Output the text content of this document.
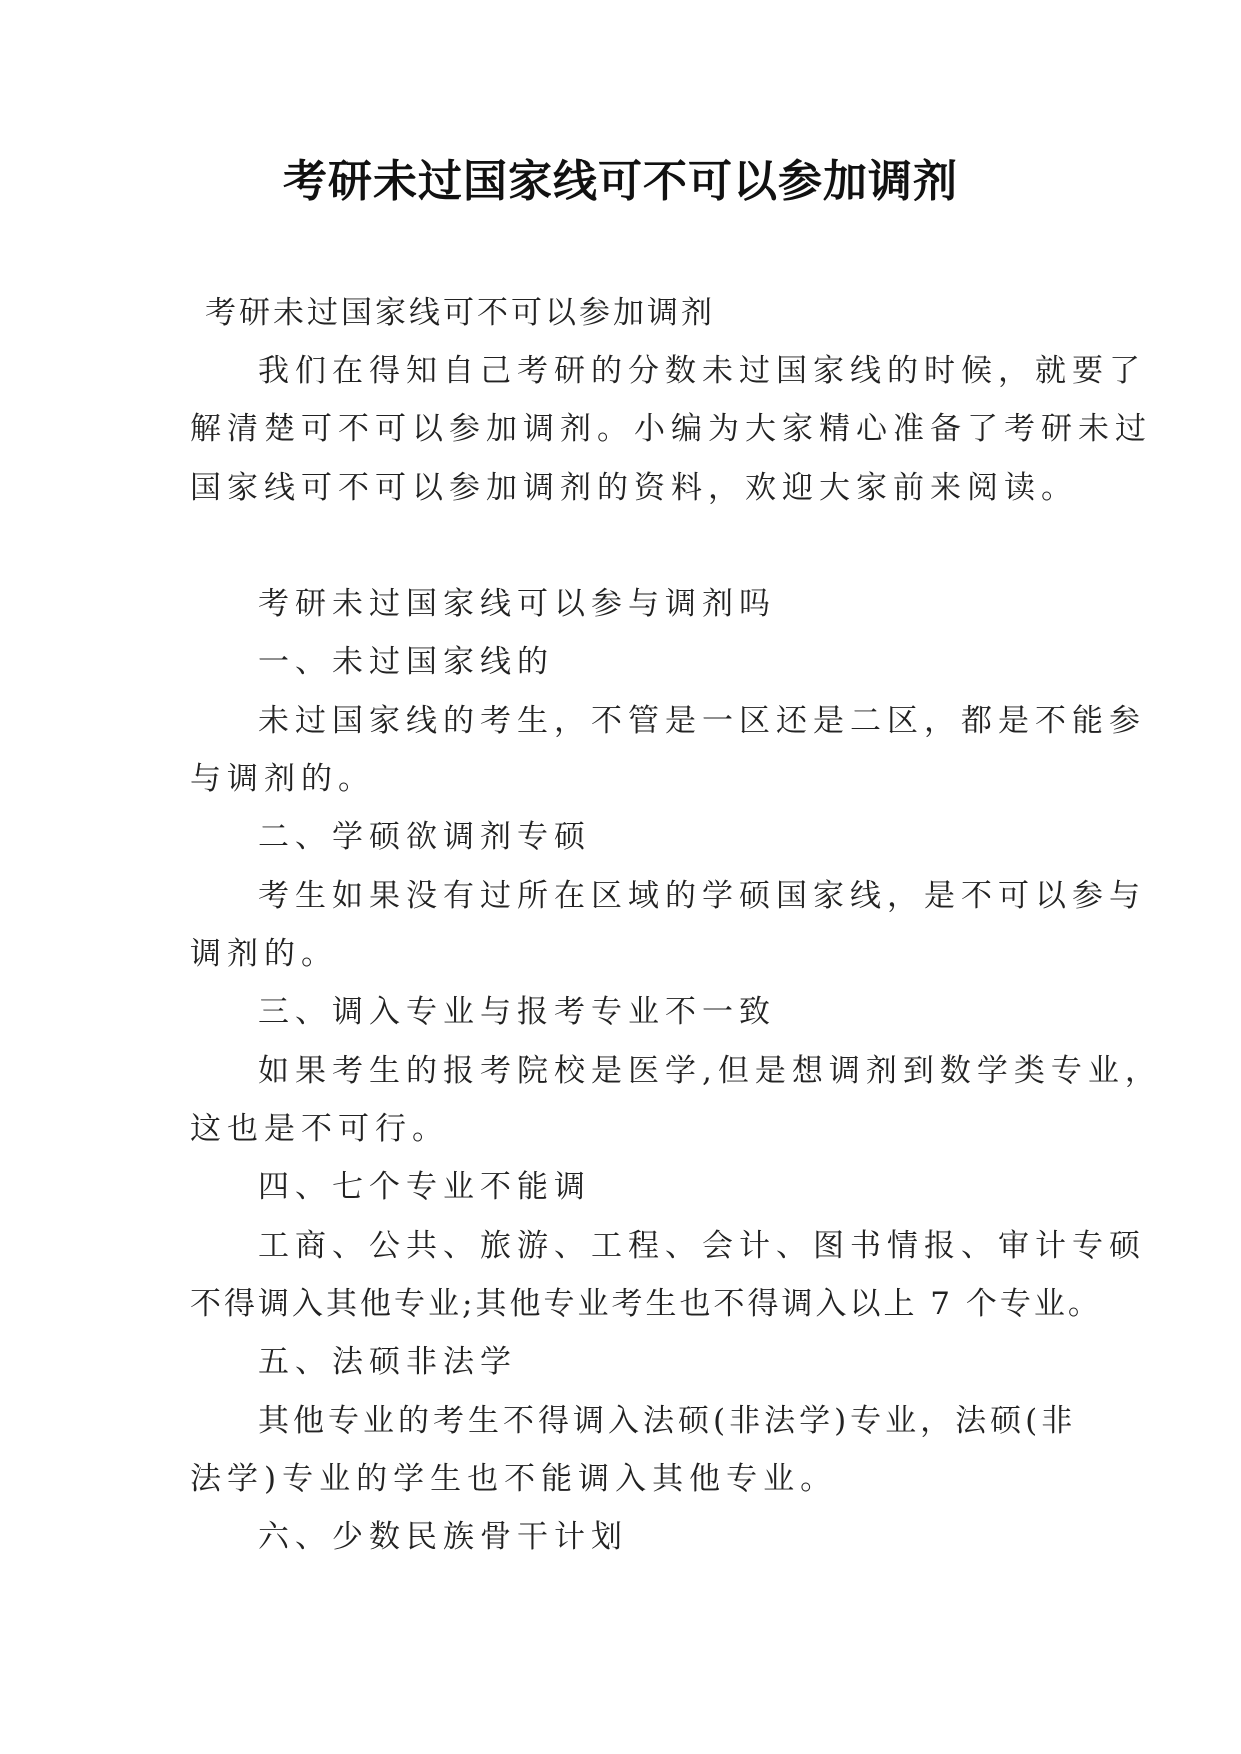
考研未过国家线可不可以参加调剂
考研未过国家线可不可以参加调剂
我们在得知自己考研的分数未过国家线的时候，就要了
解清楚可不可以参加调剂。小编为大家精心准备了考研未过
国家线可不可以参加调剂的资料，欢迎大家前来阅读。
考研未过国家线可以参与调剂吗
一、未过国家线的
未过国家线的考生，不管是一区还是二区，都是不能参
与调剂的。
二、学硕欲调剂专硕
考生如果没有过所在区域的学硕国家线，是不可以参与
调剂的。
三、调入专业与报考专业不一致
如果考生的报考院校是医学,但是想调剂到数学类专业，
这也是不可行。
四、七个专业不能调
工商、公共、旅游、工程、会计、图书情报、审计专硕
不得调入其他专业;其他专业考生也不得调入以上 7 个专业。
五、法硕非法学
其他专业的考生不得调入法硕(非法学)专业，法硕(非
法学)专业的学生也不能调入其他专业。
六、少数民族骨干计划
